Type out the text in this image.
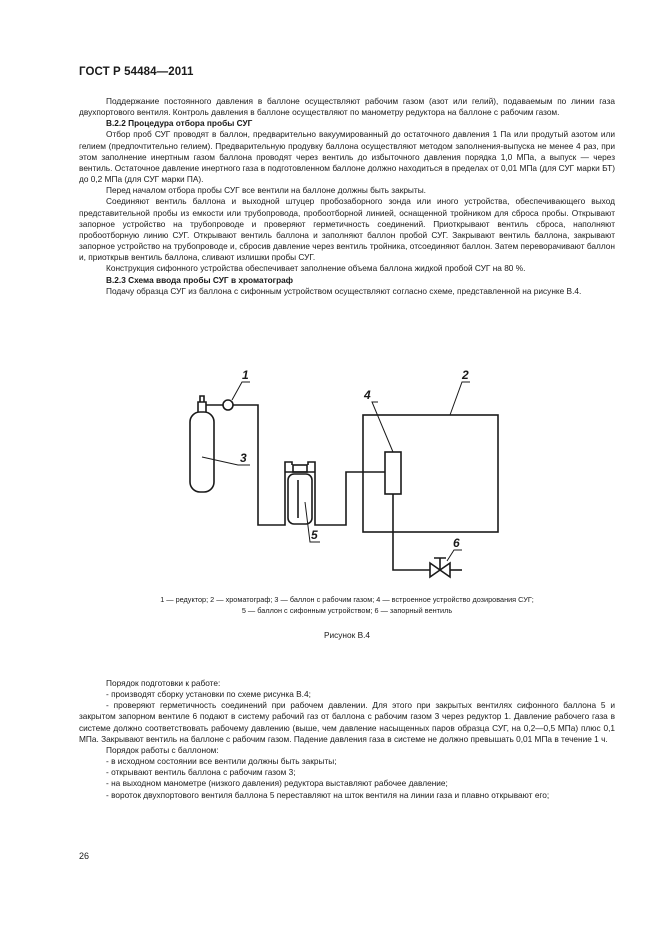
ГОСТ Р 54484—2011

Поддержание постоянного давления в баллоне осуществляют рабочим газом (азот или гелий), подаваемым по линии газа двухпортового вентиля. Контроль давления в баллоне осуществляют по манометру редуктора на баллоне с рабочим газом.

В.2.2 Процедура отбора пробы СУГ

Отбор проб СУГ проводят в баллон, предварительно вакуумированный до остаточного давления 1 Па или продутый азотом или гелием (предпочтительно гелием). Предварительную продувку баллона осуществляют методом заполнения-выпуска не менее 4 раз, при этом заполнение инертным газом баллона проводят через вентиль до избыточного давления порядка 1,0 МПа, а выпуск — через вентиль. Остаточное давление инертного газа в подготовленном баллоне должно находиться в пределах от 0,01 МПа (для СУГ марки БТ) до 0,2 МПа (для СУГ марки ПА).

Перед началом отбора пробы СУГ все вентили на баллоне должны быть закрыты.

Соединяют вентиль баллона и выходной штуцер пробозаборного зонда или иного устройства, обеспечивающего выход представительной пробы из емкости или трубопровода, пробоотборной линией, оснащенной тройником для сброса пробы. Открывают запорное устройство на трубопроводе и проверяют герметичность соединений. Приоткрывают вентиль сброса, наполняют пробоотборную линию СУГ. Открывают вентиль баллона и заполняют баллон пробой СУГ. Закрывают вентиль баллона, закрывают запорное устройство на трубопроводе и, сбросив давление через вентиль тройника, отсоединяют баллон. Затем переворачивают баллон и, приоткрыв вентиль баллона, сливают излишки пробы СУГ.

Конструкция сифонного устройства обеспечивает заполнение объема баллона жидкой пробой СУГ на 80 %.

В.2.3 Схема ввода пробы СУГ в хроматограф

Подачу образца СУГ из баллона с сифонным устройством осуществляют согласно схеме, представленной на рисунке В.4.

1	2
3
4
5
6
1 — редуктор; 2 — хроматограф; 3 — баллон с рабочим газом; 4 — встроенное устройство дозирования СУГ;
5 — баллон с сифонным устройством; 6 — запорный вентиль
Рисунок В.4

Порядок подготовки к работе:

- производят сборку установки по схеме рисунка В.4;

- проверяют герметичность соединений при рабочем давлении. Для этого при закрытых вентилях сифонного баллона 5 и закрытом запорном вентиле 6 подают в систему рабочий газ от баллона с рабочим газом 3 через редуктор 1. Давление рабочего газа в системе должно соответствовать рабочему давлению (выше, чем давление насыщенных паров образца СУГ, на 0,2—0,5 МПа) плюс 0,1 МПа. Закрывают вентиль на баллоне с рабочим газом. Падение давления газа в системе не должно превышать 0,01 МПа в течение 1 ч.

Порядок работы с баллоном:

- в исходном состоянии все вентили должны быть закрыты;

- открывают вентиль баллона с рабочим газом 3;

- на выходном манометре (низкого давления) редуктора выставляют рабочее давление;

- вороток двухпортового вентиля баллона 5 переставляют на шток вентиля на линии газа и плавно открывают его;

26
